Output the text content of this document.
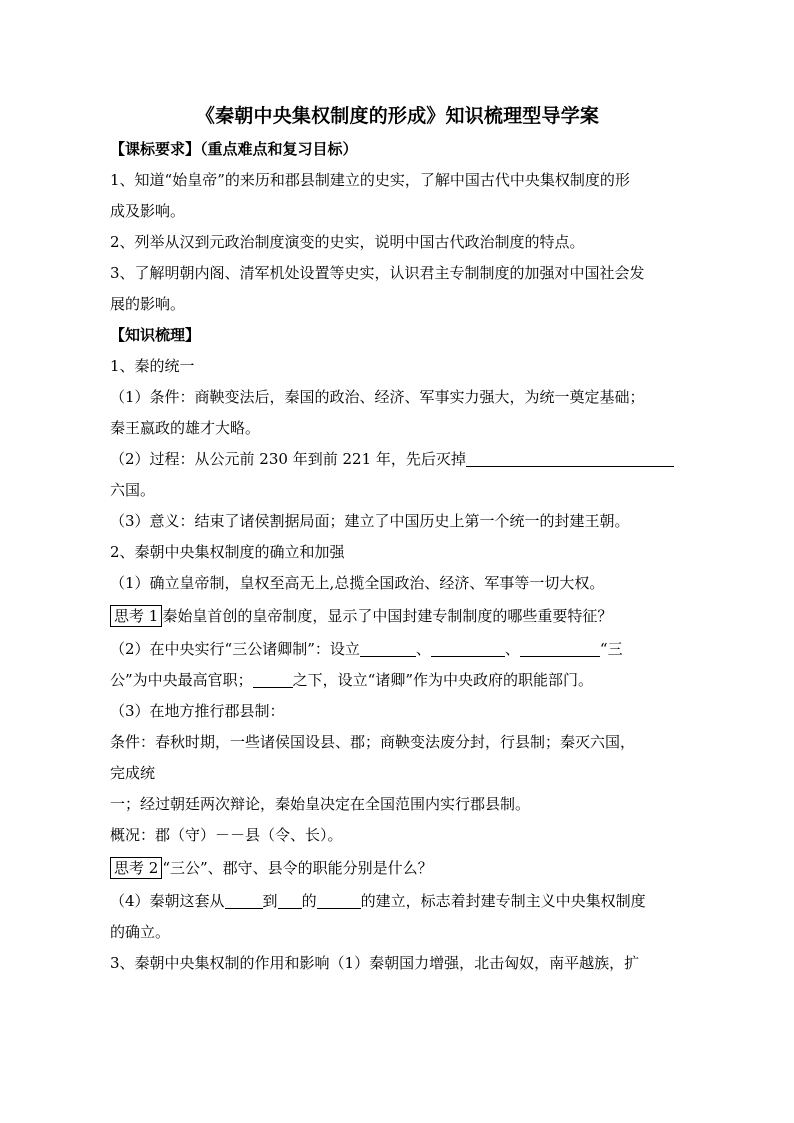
《秦朝中央集权制度的形成》知识梳理型导学案
【课标要求】（重点难点和复习目标）
1、知道“始皇帝”的来历和郡县制建立的史实，了解中国古代中央集权制度的形
成及影响。
2、列举从汉到元政治制度演变的史实，说明中国古代政治制度的特点。
3、了解明朝内阁、清军机处设置等史实，认识君主专制制度的加强对中国社会发
展的影响。
【知识梳理】
1、秦的统一
（1）条件：商鞅变法后，秦国的政治、经济、军事实力强大，为统一奠定基础；
秦王嬴政的雄才大略。
（2）过程：从公元前 230 年到前 221 年，先后灭掉
六国。
（3）意义：结束了诸侯割据局面；建立了中国历史上第一个统一的封建王朝。
2、秦朝中央集权制度的确立和加强
（1）确立皇帝制，皇权至高无上,总揽全国政治、经济、军事等一切大权。
思考 1 秦始皇首创的皇帝制度，显示了中国封建专制制度的哪些重要特征？
（2）在中央实行“三公诸卿制”：设立	、	、	“三
公”为中央最高官职；	之下，设立“诸卿”作为中央政府的职能部门。
（3）在地方推行郡县制：
条件：春秋时期，一些诸侯国设县、郡；商鞅变法废分封，行县制；秦灭六国，
完成统
一；经过朝廷两次辩论，秦始皇决定在全国范围内实行郡县制。
概况：郡（守）－－县（令、长）。
思考 2 “三公”、郡守、县令的职能分别是什么？
（4）秦朝这套从	到 的	的建立，标志着封建专制主义中央集权制度
的确立。
3、秦朝中央集权制的作用和影响（1）秦朝国力增强，北击匈奴，南平越族，扩
